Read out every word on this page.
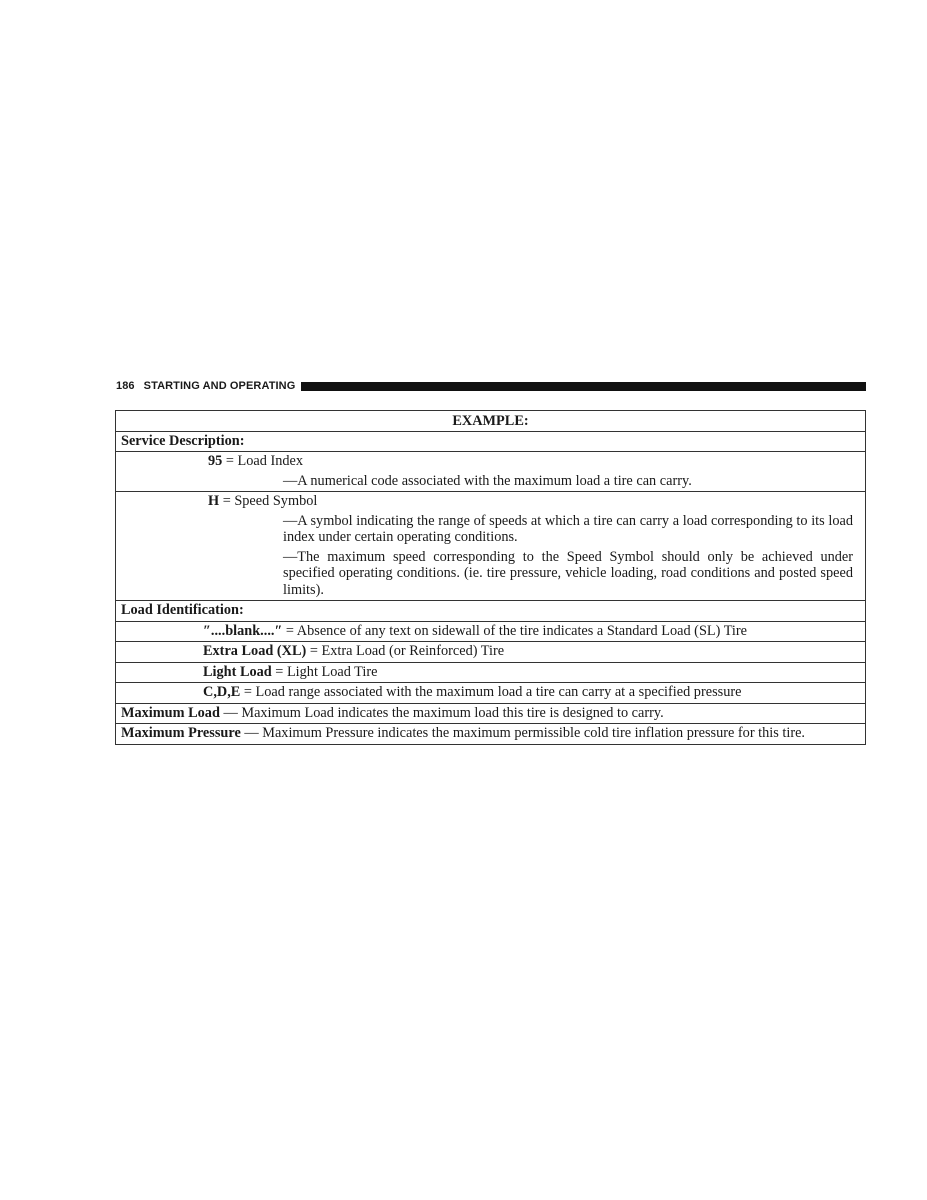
186 STARTING AND OPERATING
EXAMPLE:
Service Description:
95 = Load Index
—A numerical code associated with the maximum load a tire can carry.
H = Speed Symbol
—A symbol indicating the range of speeds at which a tire can carry a load corresponding to its load index under certain operating conditions.
—The maximum speed corresponding to the Speed Symbol should only be achieved under specified operating conditions. (ie. tire pressure, vehicle loading, road conditions and posted speed limits).
Load Identification:
″....blank....″ = Absence of any text on sidewall of the tire indicates a Standard Load (SL) Tire
Extra Load (XL) = Extra Load (or Reinforced) Tire
Light Load = Light Load Tire
C,D,E = Load range associated with the maximum load a tire can carry at a specified pressure
Maximum Load — Maximum Load indicates the maximum load this tire is designed to carry.
Maximum Pressure — Maximum Pressure indicates the maximum permissible cold tire inflation pressure for this tire.
